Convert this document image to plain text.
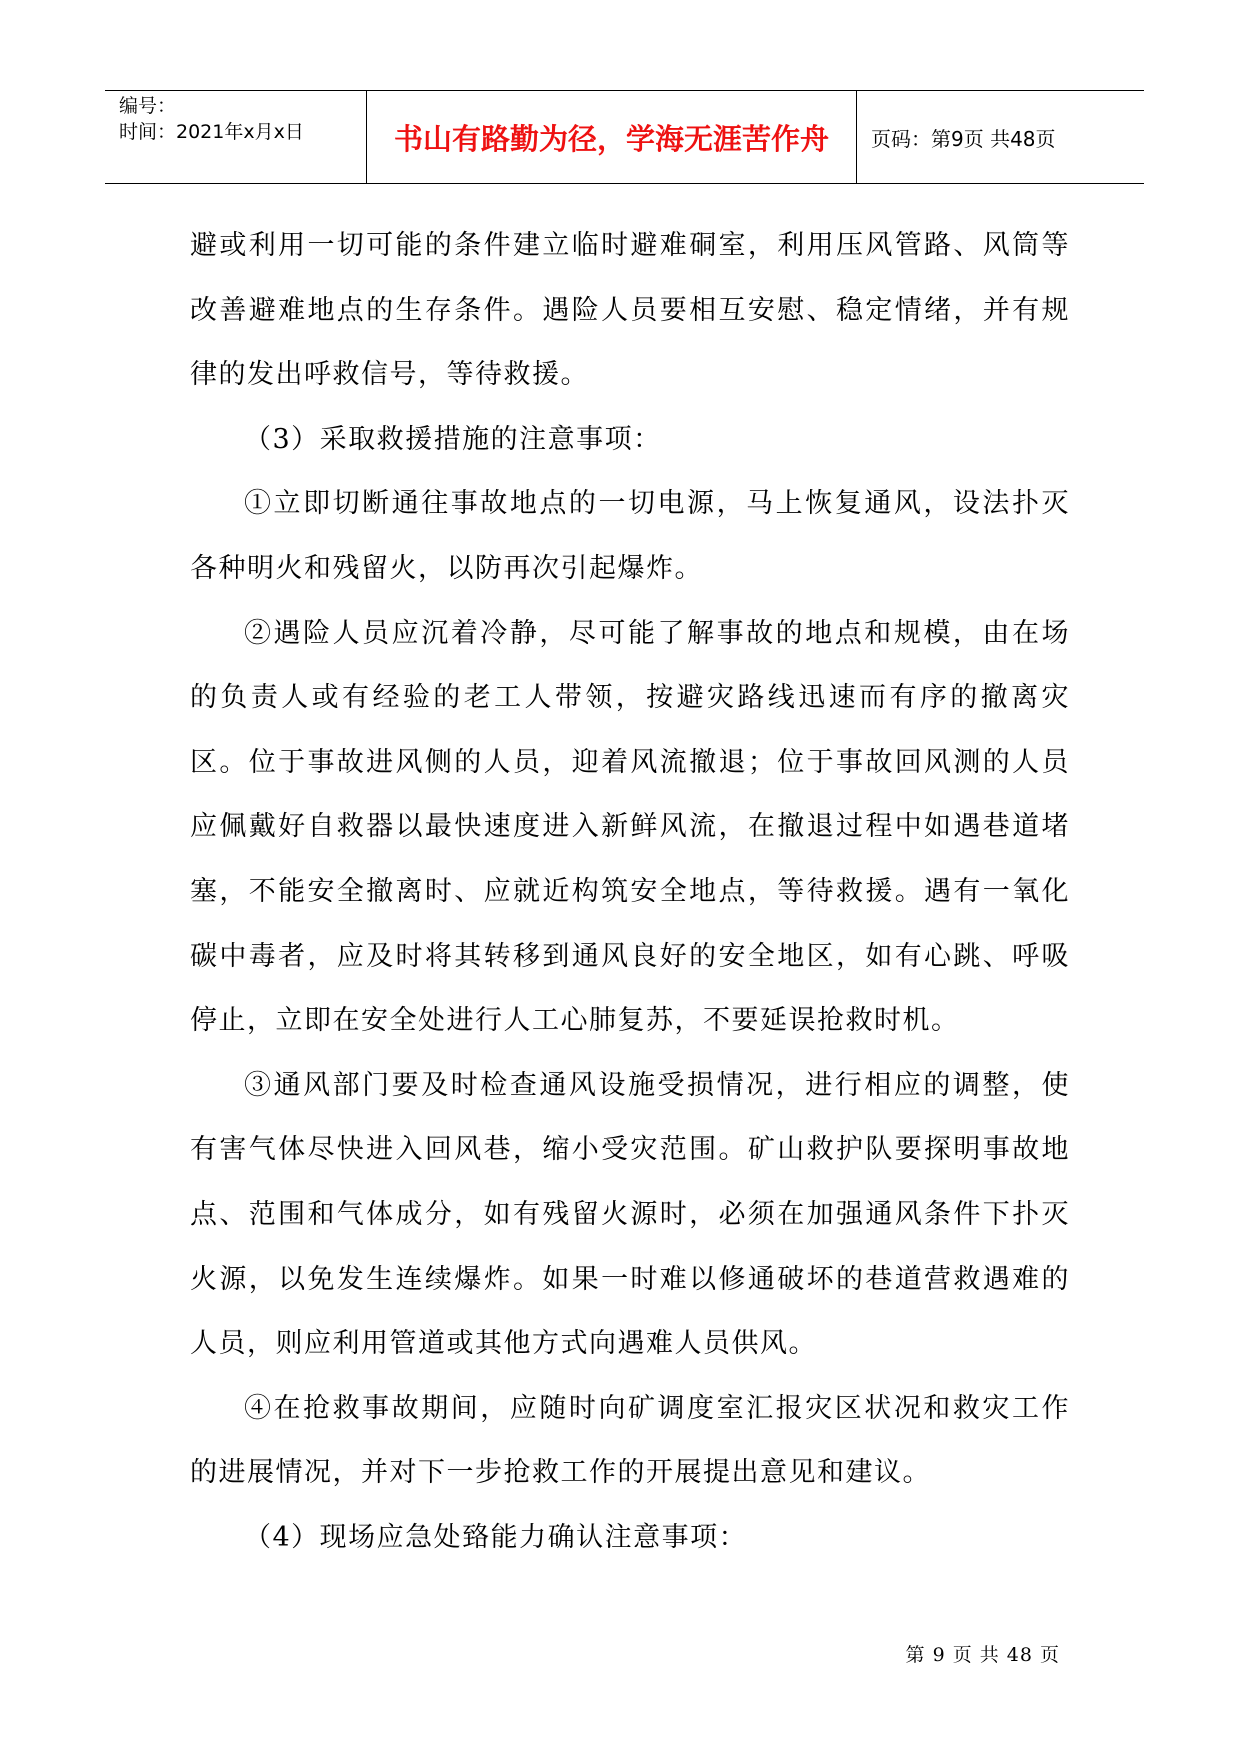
编号：
时间：2021年x月x日	书山有路勤为径，学海无涯苦作舟	页码：第9页 共48页

避或利用一切可能的条件建立临时避难硐室，利用压风管路、风筒等改善避难地点的生存条件。遇险人员要相互安慰、稳定情绪，并有规律的发出呼救信号，等待救援。

（3）采取救援措施的注意事项：

①立即切断通往事故地点的一切电源，马上恢复通风，设法扑灭各种明火和残留火，以防再次引起爆炸。

②遇险人员应沉着冷静，尽可能了解事故的地点和规模，由在场的负责人或有经验的老工人带领，按避灾路线迅速而有序的撤离灾区。位于事故进风侧的人员，迎着风流撤退；位于事故回风测的人员应佩戴好自救器以最快速度进入新鲜风流，在撤退过程中如遇巷道堵塞，不能安全撤离时、应就近构筑安全地点，等待救援。遇有一氧化碳中毒者，应及时将其转移到通风良好的安全地区，如有心跳、呼吸停止，立即在安全处进行人工心肺复苏，不要延误抢救时机。

③通风部门要及时检查通风设施受损情况，进行相应的调整，使有害气体尽快进入回风巷，缩小受灾范围。矿山救护队要探明事故地点、范围和气体成分，如有残留火源时，必须在加强通风条件下扑灭火源，以免发生连续爆炸。如果一时难以修通破坏的巷道营救遇难的人员，则应利用管道或其他方式向遇难人员供风。

④在抢救事故期间，应随时向矿调度室汇报灾区状况和救灾工作的进展情况，并对下一步抢救工作的开展提出意见和建议。

（4）现场应急处臵能力确认注意事项：

第 9 页 共 48 页
